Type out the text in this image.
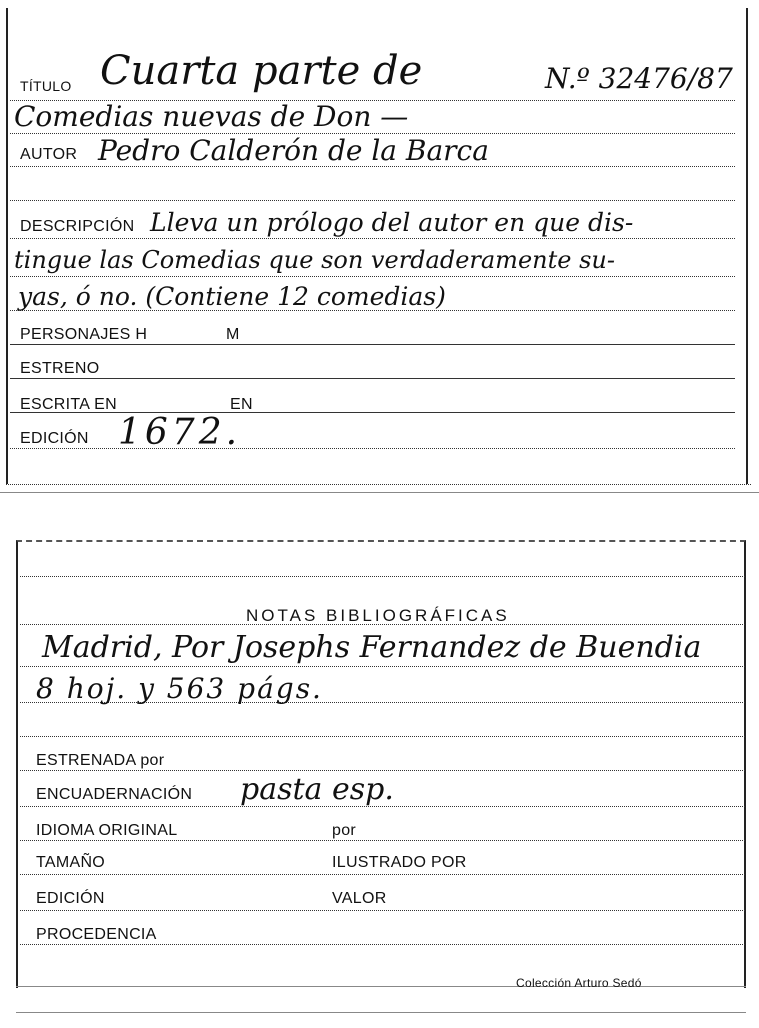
TÍTULO Cuarta parte de	N.º 32476/87
Comedias nuevas de Don —
AUTOR Pedro Calderón de la Barca
DESCRIPCIÓN Lleva un prólogo del autor en que dis-
tingue las Comedias que son verdaderamente su-
yas, ó no. (Contiene 12 comedias)
PERSONAJES H	M
ESTRENO
ESCRITA EN	EN
EDICIÓN 1672.
NOTAS BIBLIOGRÁFICAS
Madrid, Por Josephs Fernandez de Buendia
8 hoj. y 563 págs.
ESTRENADA por
ENCUADERNACIÓN pasta esp.
IDIOMA ORIGINAL	por
TAMAÑO	ILUSTRADO POR
EDICIÓN	VALOR
PROCEDENCIA
Colección Arturo Sedó
